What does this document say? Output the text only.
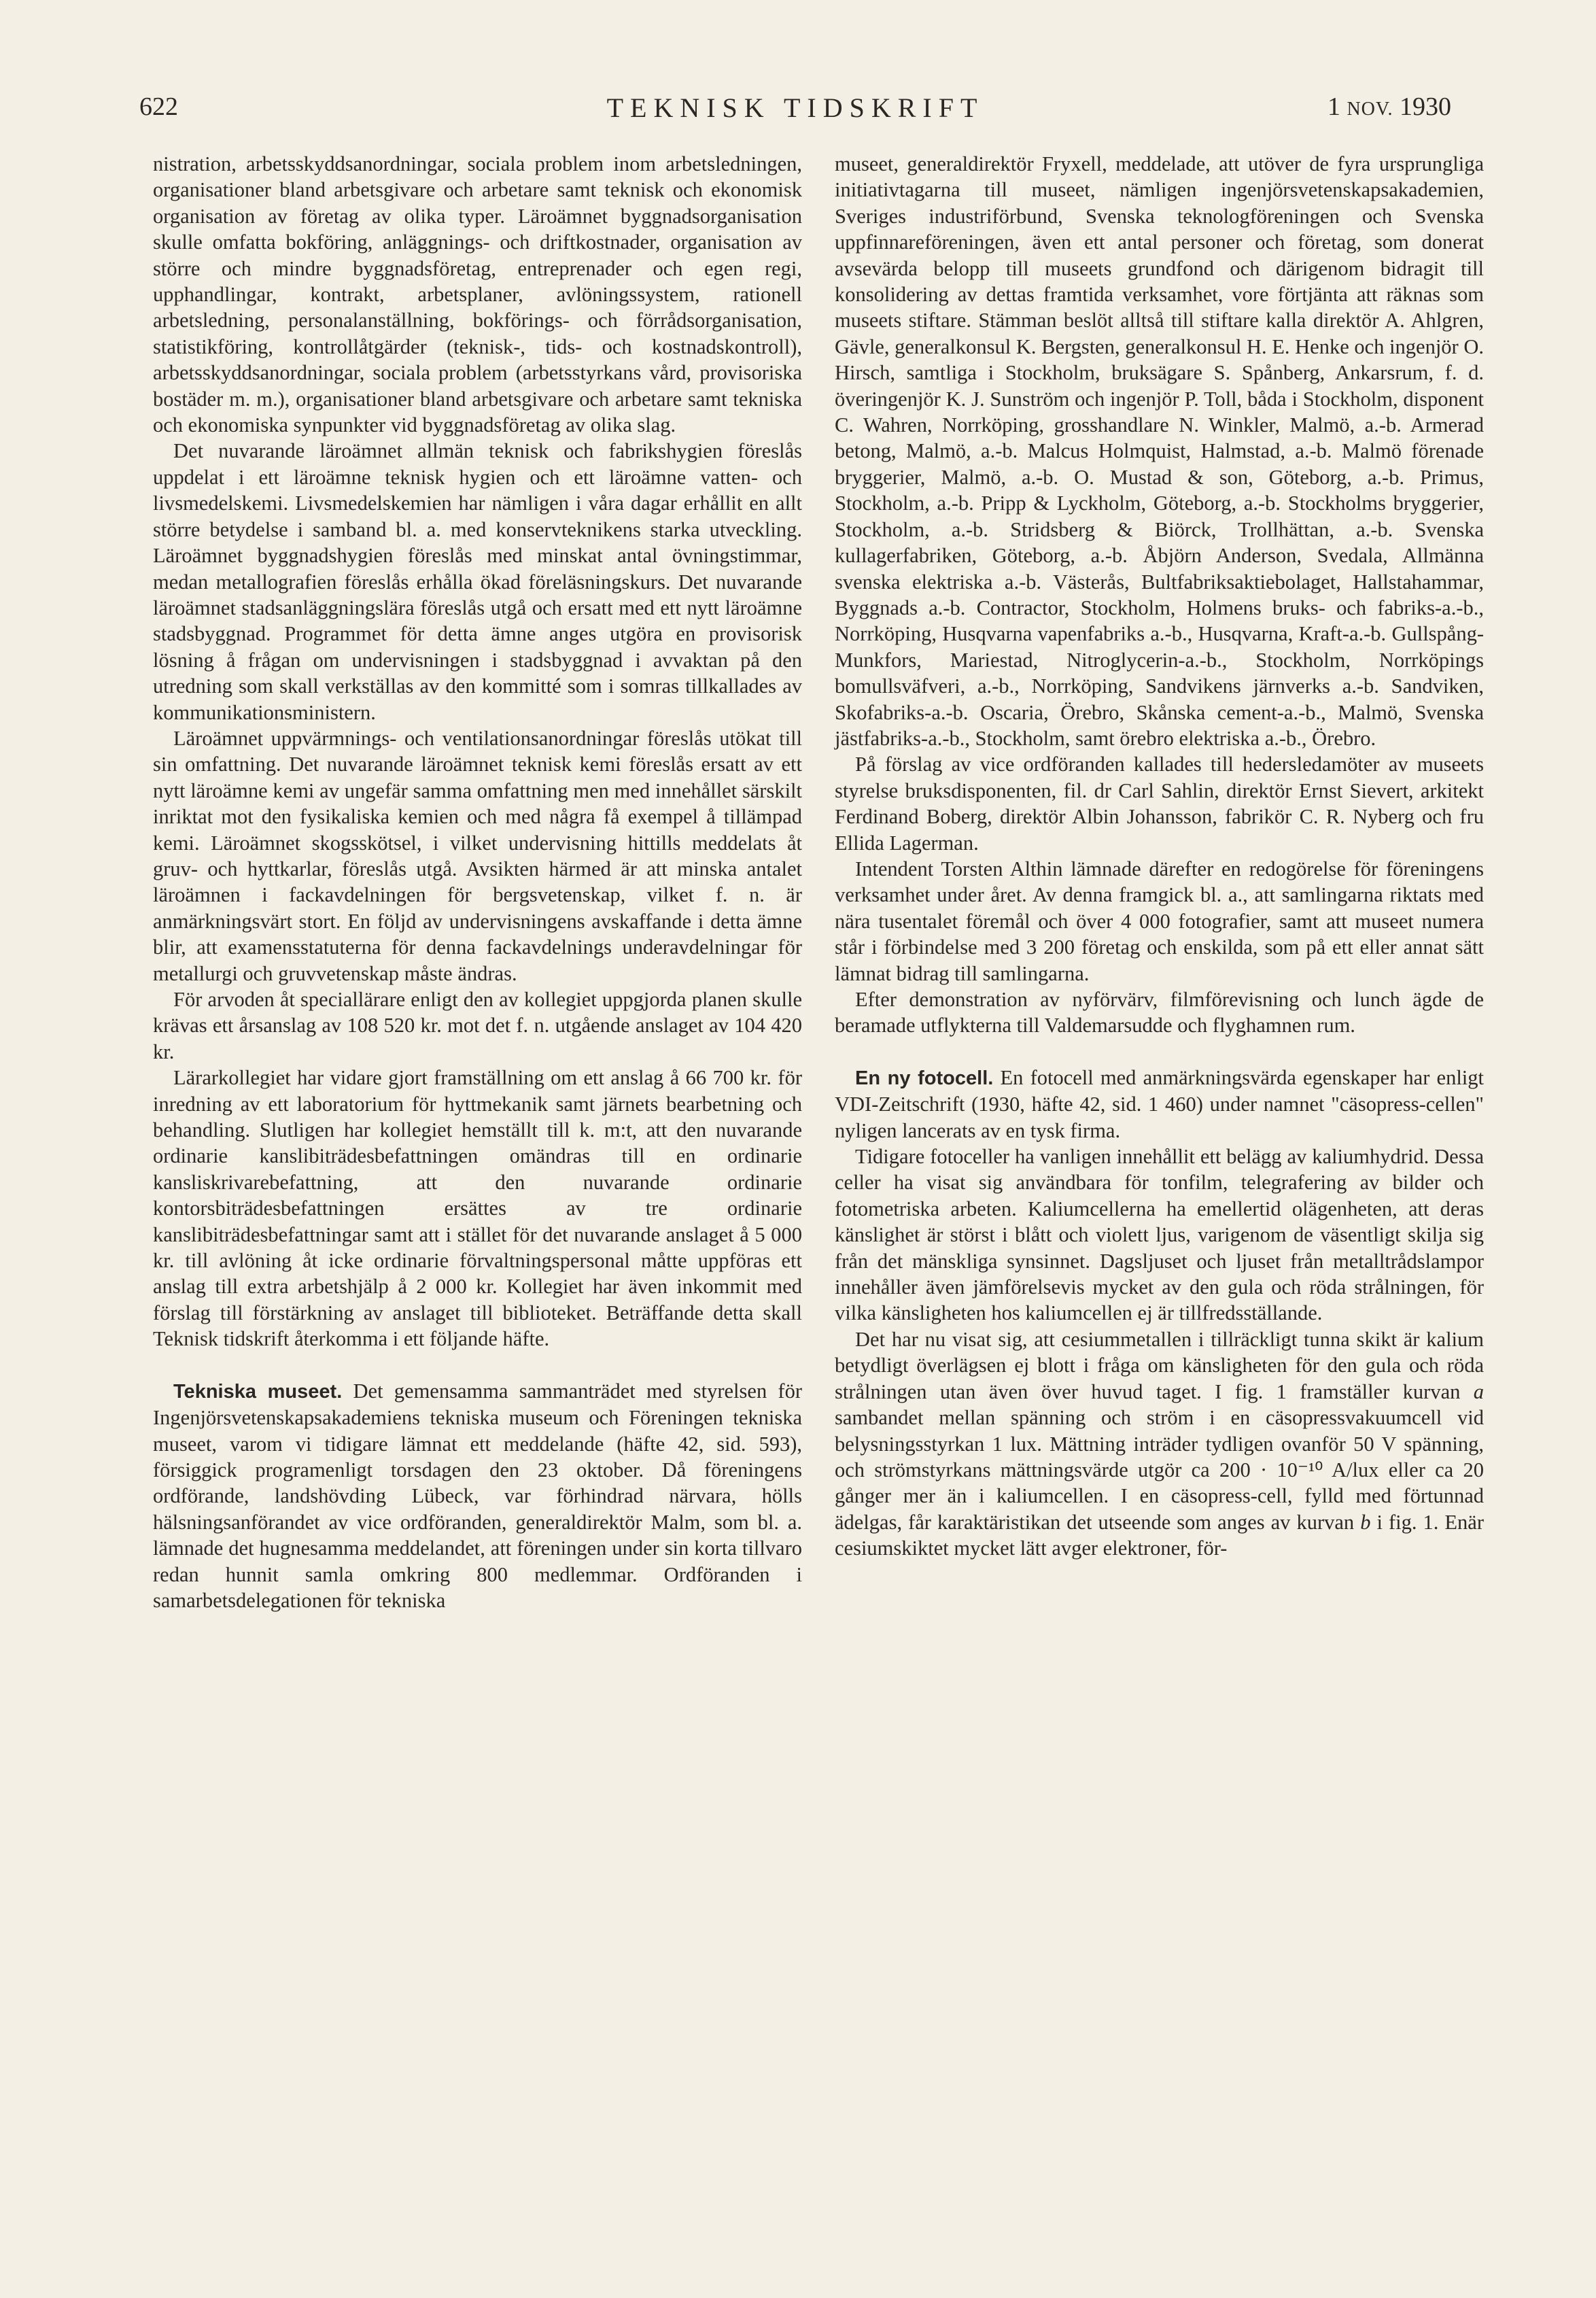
622	TEKNISK TIDSKRIFT	1 NOV. 1930

nistration, arbetsskyddsanordningar, sociala problem inom arbetsledningen, organisationer bland arbetsgivare och arbetare samt teknisk och ekonomisk organisation av företag av olika typer. Läroämnet byggnadsorganisation skulle omfatta bokföring, anläggnings- och driftkostnader, organisation av större och mindre byggnadsföretag, entreprenader och egen regi, upphandlingar, kontrakt, arbetsplaner, avlöningssystem, rationell arbetsledning, personalanställning, bokförings- och förrådsorganisation, statistikföring, kontrollåtgärder (teknisk-, tids- och kostnadskontroll), arbetsskyddsanordningar, sociala problem (arbetsstyrkans vård, provisoriska bostäder m. m.), organisationer bland arbetsgivare och arbetare samt tekniska och ekonomiska synpunkter vid byggnadsföretag av olika slag.

Det nuvarande läroämnet allmän teknisk och fabrikshygien föreslås uppdelat i ett läroämne teknisk hygien och ett läroämne vatten- och livsmedelskemi. Livsmedelskemien har nämligen i våra dagar erhållit en allt större betydelse i samband bl. a. med konservteknikens starka utveckling. Läroämnet byggnadshygien föreslås med minskat antal övningstimmar, medan metallografien föreslås erhålla ökad föreläsningskurs. Det nuvarande läroämnet stadsanläggningslära föreslås utgå och ersatt med ett nytt läroämne stadsbyggnad. Programmet för detta ämne anges utgöra en provisorisk lösning å frågan om undervisningen i stadsbyggnad i avvaktan på den utredning som skall verkställas av den kommitté som i somras tillkallades av kommunikationsministern.

Läroämnet uppvärmnings- och ventilationsanordningar föreslås utökat till sin omfattning. Det nuvarande läroämnet teknisk kemi föreslås ersatt av ett nytt läroämne kemi av ungefär samma omfattning men med innehållet särskilt inriktat mot den fysikaliska kemien och med några få exempel å tillämpad kemi. Läroämnet skogsskötsel, i vilket undervisning hittills meddelats åt gruv- och hyttkarlar, föreslås utgå. Avsikten härmed är att minska antalet läroämnen i fackavdelningen för bergsvetenskap, vilket f. n. är anmärkningsvärt stort. En följd av undervisningens avskaffande i detta ämne blir, att examensstatuterna för denna fackavdelnings underavdelningar för metallurgi och gruvvetenskap måste ändras.

För arvoden åt speciallärare enligt den av kollegiet uppgjorda planen skulle krävas ett årsanslag av 108 520 kr. mot det f. n. utgående anslaget av 104 420 kr.

Lärarkollegiet har vidare gjort framställning om ett anslag å 66 700 kr. för inredning av ett laboratorium för hyttmekanik samt järnets bearbetning och behandling. Slutligen har kollegiet hemställt till k. m:t, att den nuvarande ordinarie kanslibiträdesbefattningen omändras till en ordinarie kansliskrivarebefattning, att den nuvarande ordinarie kontorsbiträdesbefattningen ersättes av tre ordinarie kanslibiträdesbefattningar samt att i stället för det nuvarande anslaget å 5 000 kr. till avlöning åt icke ordinarie förvaltningspersonal måtte uppföras ett anslag till extra arbetshjälp å 2 000 kr. Kollegiet har även inkommit med förslag till förstärkning av anslaget till biblioteket. Beträffande detta skall Teknisk tidskrift återkomma i ett följande häfte.

Tekniska museet. Det gemensamma sammanträdet med styrelsen för Ingenjörsvetenskapsakademiens tekniska museum och Föreningen tekniska museet, varom vi tidigare lämnat ett meddelande (häfte 42, sid. 593), försiggick programenligt torsdagen den 23 oktober. Då föreningens ordförande, landshövding Lübeck, var förhindrad närvara, hölls hälsningsanförandet av vice ordföranden, generaldirektör Malm, som bl. a. lämnade det hugnesamma meddelandet, att föreningen under sin korta tillvaro redan hunnit samla omkring 800 medlemmar. Ordföranden i samarbetsdelegationen för tekniska

museet, generaldirektör Fryxell, meddelade, att utöver de fyra ursprungliga initiativtagarna till museet, nämligen ingenjörsvetenskapsakademien, Sveriges industriförbund, Svenska teknologföreningen och Svenska uppfinnareföreningen, även ett antal personer och företag, som donerat avsevärda belopp till museets grundfond och därigenom bidragit till konsolidering av dettas framtida verksamhet, vore förtjänta att räknas som museets stiftare. Stämman beslöt alltså till stiftare kalla direktör A. Ahlgren, Gävle, generalkonsul K. Bergsten, generalkonsul H. E. Henke och ingenjör O. Hirsch, samtliga i Stockholm, bruksägare S. Spånberg, Ankarsrum, f. d. överingenjör K. J. Sunström och ingenjör P. Toll, båda i Stockholm, disponent C. Wahren, Norrköping, grosshandlare N. Winkler, Malmö, a.-b. Armerad betong, Malmö, a.-b. Malcus Holmquist, Halmstad, a.-b. Malmö förenade bryggerier, Malmö, a.-b. O. Mustad & son, Göteborg, a.-b. Primus, Stockholm, a.-b. Pripp & Lyckholm, Göteborg, a.-b. Stockholms bryggerier, Stockholm, a.-b. Stridsberg & Biörck, Trollhättan, a.-b. Svenska kullagerfabriken, Göteborg, a.-b. Åbjörn Anderson, Svedala, Allmänna svenska elektriska a.-b. Västerås, Bultfabriksaktiebolaget, Hallstahammar, Byggnads a.-b. Contractor, Stockholm, Holmens bruks- och fabriks-a.-b., Norrköping, Husqvarna vapenfabriks a.-b., Husqvarna, Kraft-a.-b. Gullspång-Munkfors, Mariestad, Nitroglycerin-a.-b., Stockholm, Norrköpings bomullsväfveri, a.-b., Norrköping, Sandvikens järnverks a.-b. Sandviken, Skofabriks-a.-b. Oscaria, Örebro, Skånska cement-a.-b., Malmö, Svenska jästfabriks-a.-b., Stockholm, samt örebro elektriska a.-b., Örebro.

På förslag av vice ordföranden kallades till hedersledamöter av museets styrelse bruksdisponenten, fil. dr Carl Sahlin, direktör Ernst Sievert, arkitekt Ferdinand Boberg, direktör Albin Johansson, fabrikör C. R. Nyberg och fru Ellida Lagerman.

Intendent Torsten Althin lämnade därefter en redogörelse för föreningens verksamhet under året. Av denna framgick bl. a., att samlingarna riktats med nära tusentalet föremål och över 4 000 fotografier, samt att museet numera står i förbindelse med 3 200 företag och enskilda, som på ett eller annat sätt lämnat bidrag till samlingarna.

Efter demonstration av nyförvärv, filmförevisning och lunch ägde de beramade utflykterna till Valdemarsudde och flyghamnen rum.

En ny fotocell. En fotocell med anmärkningsvärda egenskaper har enligt VDI-Zeitschrift (1930, häfte 42, sid. 1 460) under namnet "cäsopress-cellen" nyligen lancerats av en tysk firma.

Tidigare fotoceller ha vanligen innehållit ett belägg av kaliumhydrid. Dessa celler ha visat sig användbara för tonfilm, telegrafering av bilder och fotometriska arbeten. Kaliumcellerna ha emellertid olägenheten, att deras känslighet är störst i blått och violett ljus, varigenom de väsentligt skilja sig från det mänskliga synsinnet. Dagsljuset och ljuset från metalltrådslampor innehåller även jämförelsevis mycket av den gula och röda strålningen, för vilka känsligheten hos kaliumcellen ej är tillfredsställande.

Det har nu visat sig, att cesiummetallen i tillräckligt tunna skikt är kalium betydligt överlägsen ej blott i fråga om känsligheten för den gula och röda strålningen utan även över huvud taget. I fig. 1 framställer kurvan a sambandet mellan spänning och ström i en cäsopressvakuumcell vid belysningsstyrkan 1 lux. Mättning inträder tydligen ovanför 50 V spänning, och strömstyrkans mättningsvärde utgör ca 200 · 10⁻¹⁰ A/lux eller ca 20 gånger mer än i kaliumcellen. I en cäsopress-cell, fylld med förtunnad ädelgas, får karaktäristikan det utseende som anges av kurvan b i fig. 1. Enär cesiumskiktet mycket lätt avger elektroner, för-
